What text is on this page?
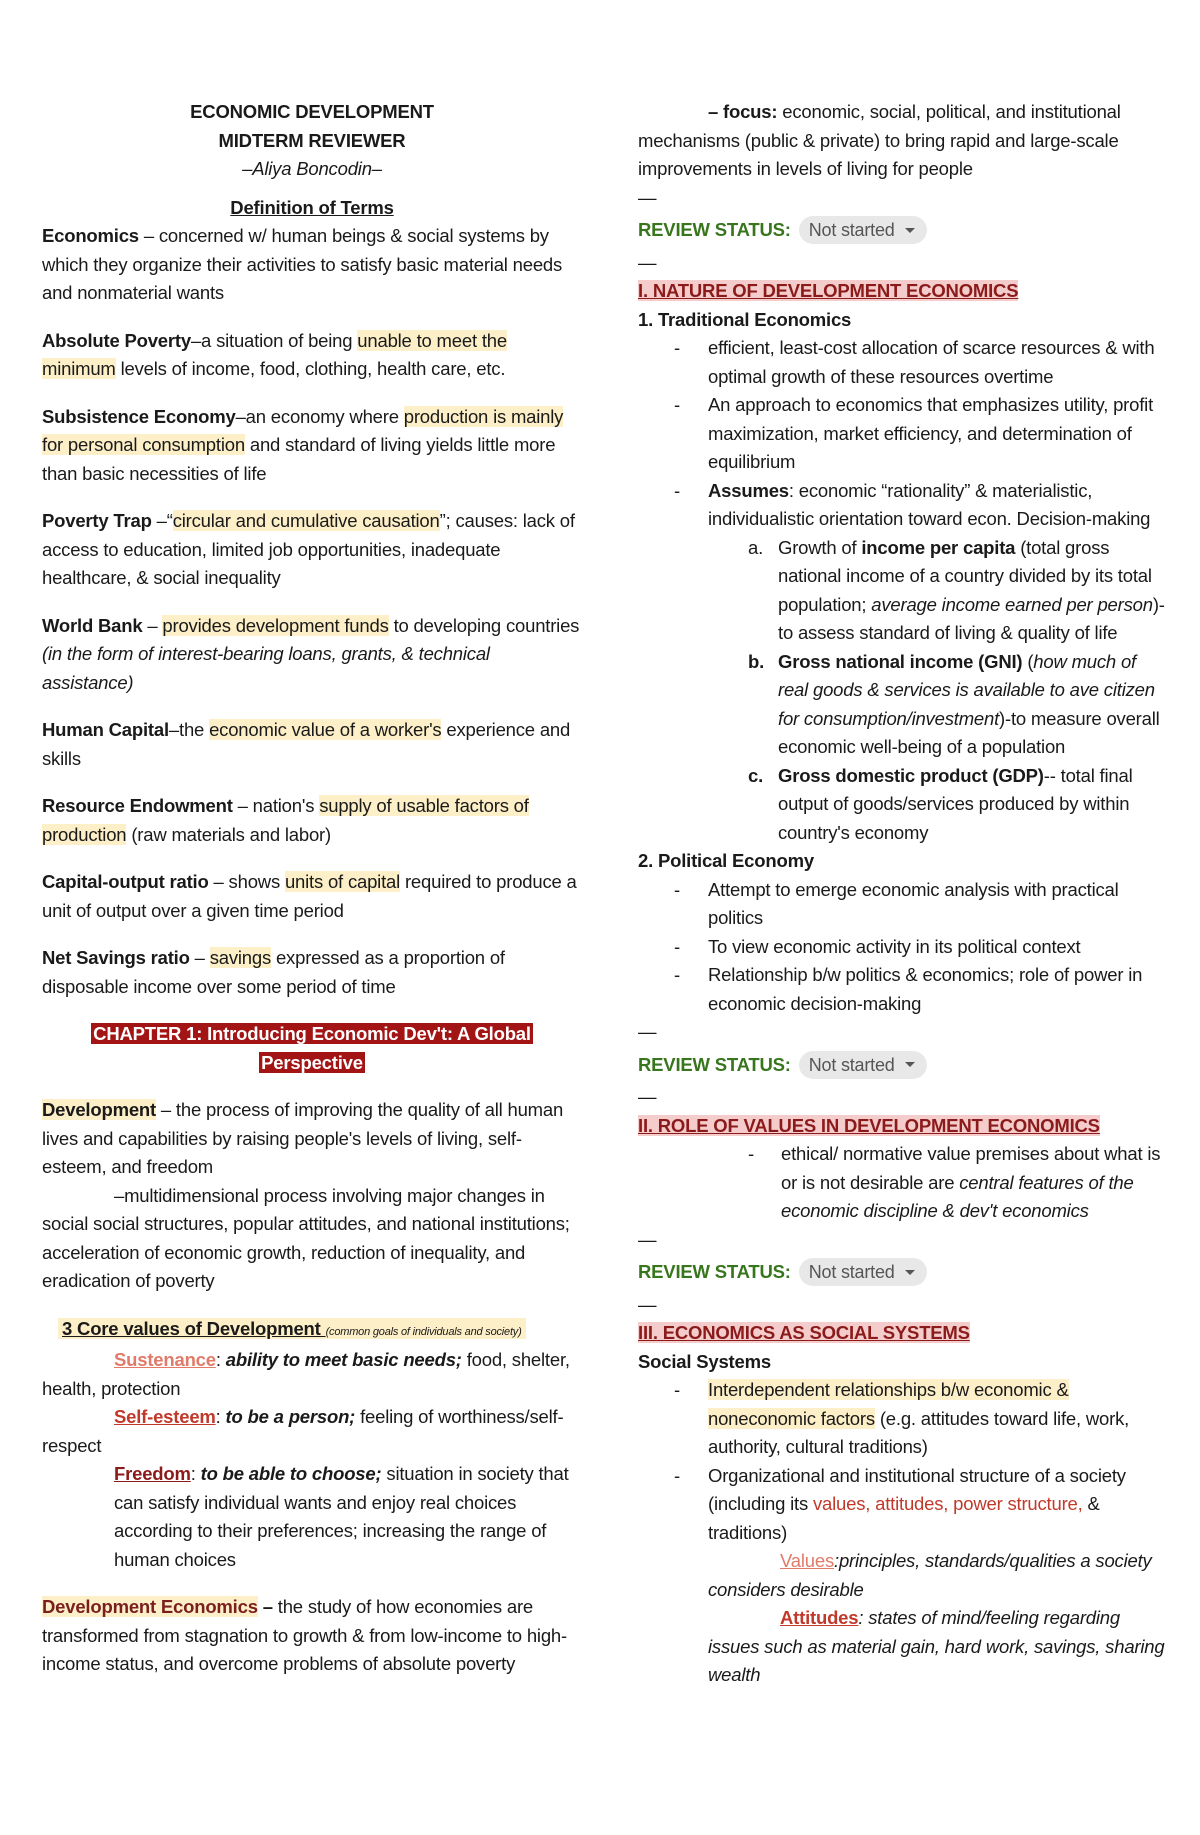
ECONOMIC DEVELOPMENT

MIDTERM REVIEWER

–Aliya Boncodin–

Definition of Terms

Economics – concerned w/ human beings & social systems by which they organize their activities to satisfy basic material needs and nonmaterial wants

Absolute Poverty–a situation of being unable to meet the minimum levels of income, food, clothing, health care, etc.

Subsistence Economy–an economy where production is mainly for personal consumption and standard of living yields little more than basic necessities of life

Poverty Trap –“circular and cumulative causation”; causes: lack of access to education, limited job opportunities, inadequate healthcare, & social inequality

World Bank – provides development funds to developing countries (in the form of interest-bearing loans, grants, & technical assistance)

Human Capital–the economic value of a worker's experience and skills

Resource Endowment – nation's supply of usable factors of production (raw materials and labor)

Capital-output ratio – shows units of capital required to produce a unit of output over a given time period

Net Savings ratio – savings expressed as a proportion of disposable income over some period of time

CHAPTER 1: Introducing Economic Dev't: A Global
Perspective

Development – the process of improving the quality of all human lives and capabilities by raising people's levels of living, self-esteem, and freedom

–multidimensional process involving major changes in social social structures, popular attitudes, and national institutions; acceleration of economic growth, reduction of inequality, and eradication of poverty

3 Core values of Development (common goals of individuals and society)

Sustenance: ability to meet basic needs; food, shelter, health, protection

Self-esteem: to be a person; feeling of worthiness/self-respect

Freedom: to be able to choose; situation in society that can satisfy individual wants and enjoy real choices according to their preferences; increasing the range of human choices

Development Economics – the study of how economies are transformed from stagnation to growth & from low-income to high-income status, and overcome problems of absolute poverty

– focus: economic, social, political, and institutional mechanisms (public & private) to bring rapid and large-scale improvements in levels of living for people

—

REVIEW STATUS: Not started

—

I. NATURE OF DEVELOPMENT ECONOMICS

1. Traditional Economics

- efficient, least-cost allocation of scarce resources & with optimal growth of these resources overtime
- An approach to economics that emphasizes utility, profit maximization, market efficiency, and determination of equilibrium
- Assumes: economic “rationality” & materialistic, individualistic orientation toward econ. Decision-making
a. Growth of income per capita (total gross national income of a country divided by its total population; average income earned per person)- to assess standard of living & quality of life
b. Gross national income (GNI) (how much of real goods & services is available to ave citizen for consumption/investment)-to measure overall economic well-being of a population
c. Gross domestic product (GDP)-- total final output of goods/services produced by within country's economy

2. Political Economy

- Attempt to emerge economic analysis with practical politics
- To view economic activity in its political context
- Relationship b/w politics & economics; role of power in economic decision-making

—

REVIEW STATUS: Not started

—

II. ROLE OF VALUES IN DEVELOPMENT ECONOMICS

- ethical/ normative value premises about what is or is not desirable are central features of the economic discipline & dev't economics

—

REVIEW STATUS: Not started

—

III. ECONOMICS AS SOCIAL SYSTEMS

Social Systems

- Interdependent relationships b/w economic & noneconomic factors (e.g. attitudes toward life, work, authority, cultural traditions)
- Organizational and institutional structure of a society (including its values, attitudes, power structure, & traditions)

Values:principles, standards/qualities a society considers desirable

Attitudes: states of mind/feeling regarding issues such as material gain, hard work, savings, sharing wealth
